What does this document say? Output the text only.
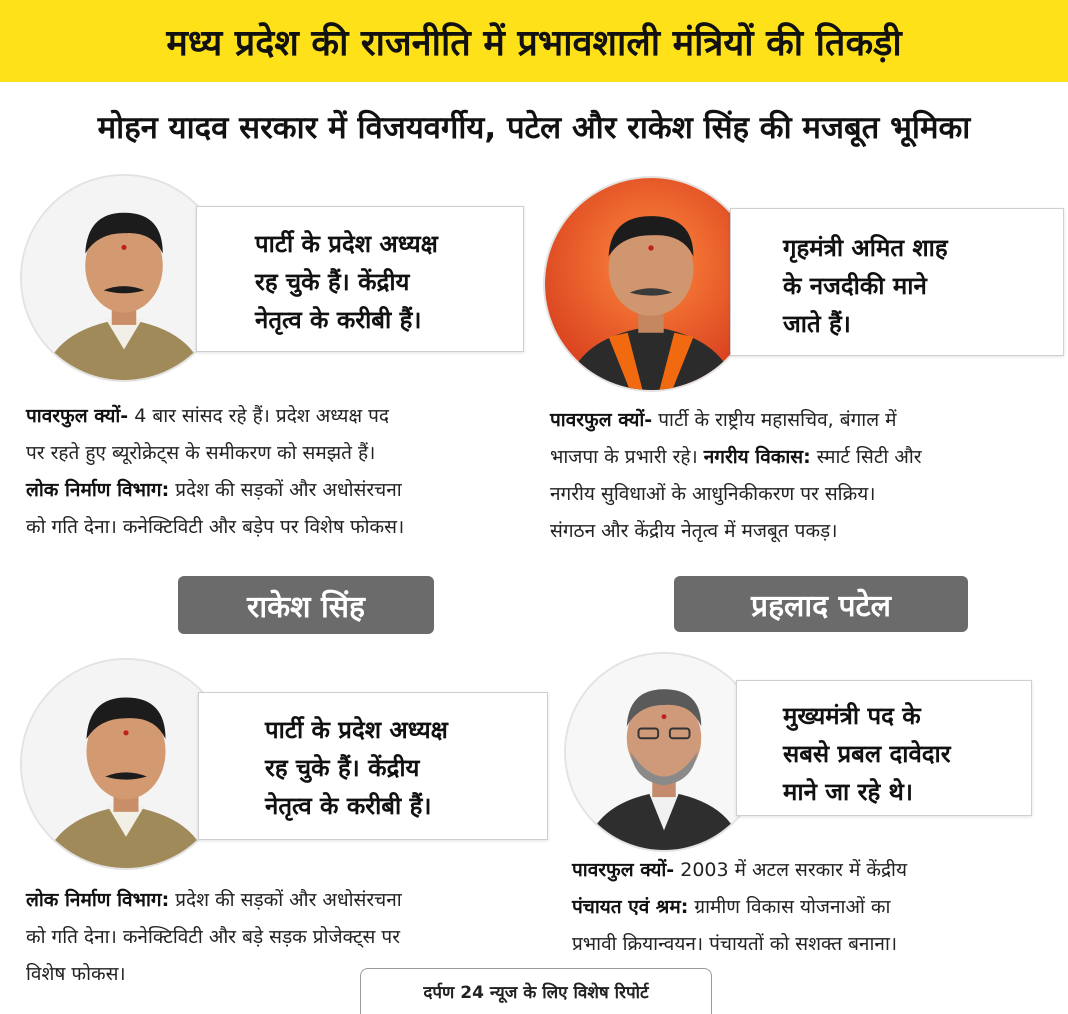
मध्य प्रदेश की राजनीति में प्रभावशाली मंत्रियों की तिकड़ी
मोहन यादव सरकार में विजयवर्गीय, पटेल और राकेश सिंह की मजबूत भूमिका
पार्टी के प्रदेश अध्यक्ष
रह चुके हैं। केंद्रीय
नेतृत्व के करीबी हैं।
पावरफुल क्यों- 4 बार सांसद रहे हैं। प्रदेश अध्यक्ष पद
पर रहते हुए ब्यूरोक्रेट्स के समीकरण को समझते हैं।
लोक निर्माण विभाग: प्रदेश की सड़कों और अधोसंरचना
को गति देना। कनेक्टिविटी और बड़ेप पर विशेष फोकस।
गृहमंत्री अमित शाह
के नजदीकी माने
जाते हैं।
पावरफुल क्यों- पार्टी के राष्ट्रीय महासचिव, बंगाल में
भाजपा के प्रभारी रहे। नगरीय विकास: स्मार्ट सिटी और
नगरीय सुविधाओं के आधुनिकीकरण पर सक्रिय।
संगठन और केंद्रीय नेतृत्व में मजबूत पकड़।
राकेश सिंह	प्रहलाद पटेल
पार्टी के प्रदेश अध्यक्ष
रह चुके हैं। केंद्रीय
नेतृत्व के करीबी हैं।
लोक निर्माण विभाग: प्रदेश की सड़कों और अधोसंरचना
को गति देना। कनेक्टिविटी और बड़े सड़क प्रोजेक्ट्स पर
विशेष फोकस।
मुख्यमंत्री पद के
सबसे प्रबल दावेदार
माने जा रहे थे।
पावरफुल क्यों- 2003 में अटल सरकार में केंद्रीय
पंचायत एवं श्रम: ग्रामीण विकास योजनाओं का
प्रभावी क्रियान्वयन। पंचायतों को सशक्त बनाना।
दर्पण 24 न्यूज के लिए विशेष रिपोर्ट
